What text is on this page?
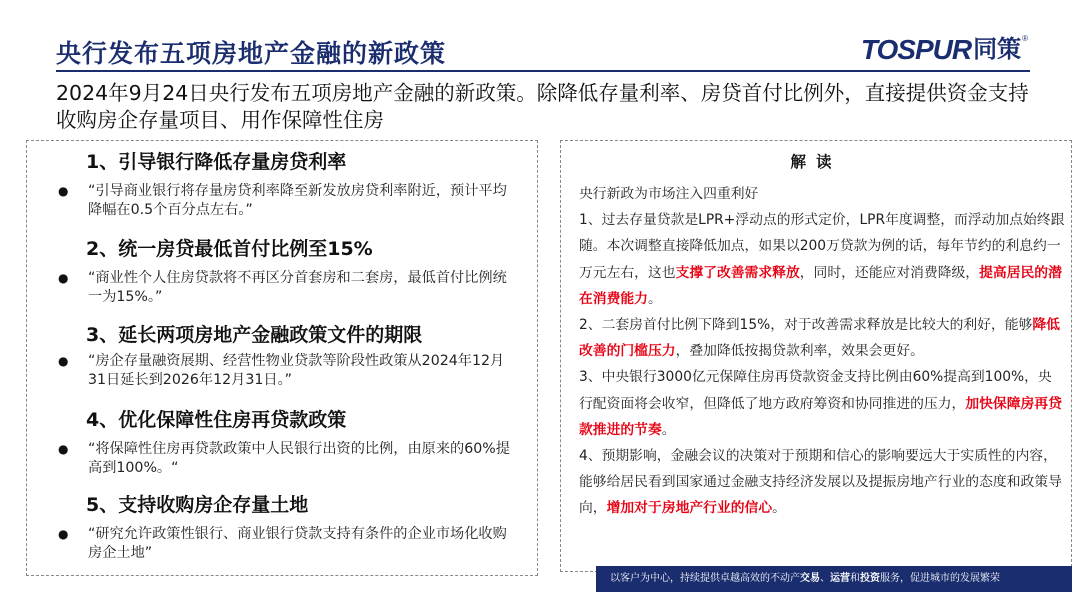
央行发布五项房地产金融的新政策	TOSPUR 同策 ®
2024年9月24日央行发布五项房地产金融的新政策。除降低存量利率、房贷首付比例外，直接提供资金支持收购房企存量项目、用作保障性住房
1、引导银行降低存量房贷利率
●	“引导商业银行将存量房贷利率降至新发放房贷利率附近，预计平均降幅在0.5个百分点左右。”
2、统一房贷最低首付比例至15%
●	“商业性个人住房贷款将不再区分首套房和二套房，最低首付比例统一为15%。”
3、延长两项房地产金融政策文件的期限
●	“房企存量融资展期、经营性物业贷款等阶段性政策从2024年12月31日延长到2026年12月31日。”
4、优化保障性住房再贷款政策
●	“将保障性住房再贷款政策中人民银行出资的比例，由原来的60%提高到100%。“
5、支持收购房企存量土地
●	“研究允许政策性银行、商业银行贷款支持有条件的企业市场化收购房企土地”
解读
央行新政为市场注入四重利好
1、过去存量贷款是LPR+浮动点的形式定价，LPR年度调整，而浮动加点始终跟随。本次调整直接降低加点，如果以200万贷款为例的话，每年节约的利息约一万元左右，这也支撑了改善需求释放，同时，还能应对消费降级，提高居民的潜在消费能力。
2、二套房首付比例下降到15%，对于改善需求释放是比较大的利好，能够降低改善的门槛压力，叠加降低按揭贷款利率，效果会更好。
3、中央银行3000亿元保障住房再贷款资金支持比例由60%提高到100%，央行配资面将会收窄，但降低了地方政府筹资和协同推进的压力，加快保障房再贷款推进的节奏。
4、预期影响，金融会议的决策对于预期和信心的影响要远大于实质性的内容，能够给居民看到国家通过金融支持经济发展以及提振房地产行业的态度和政策导向，增加对于房地产行业的信心。
以客户为中心，持续提供卓越高效的不动产交易、运营和投资服务，促进城市的发展繁荣
